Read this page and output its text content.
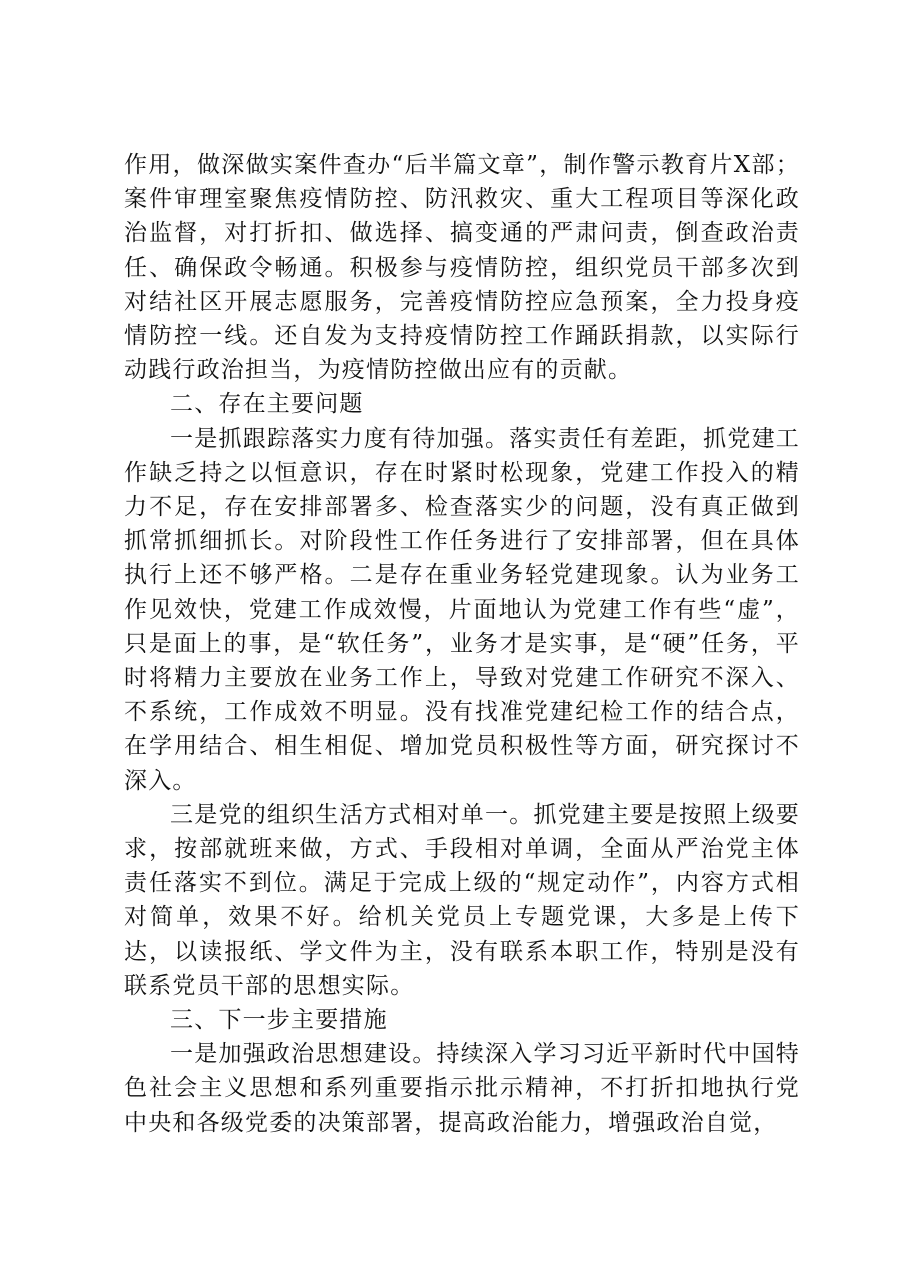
作用，做深做实案件查办“后半篇文章”，制作警示教育片X部；案件审理室聚焦疫情防控、防汛救灾、重大工程项目等深化政治监督，对打折扣、做选择、搞变通的严肃问责，倒查政治责任、确保政令畅通。积极参与疫情防控，组织党员干部多次到对结社区开展志愿服务，完善疫情防控应急预案，全力投身疫情防控一线。还自发为支持疫情防控工作踊跃捐款，以实际行动践行政治担当，为疫情防控做出应有的贡献。

二、存在主要问题

一是抓跟踪落实力度有待加强。落实责任有差距，抓党建工作缺乏持之以恒意识，存在时紧时松现象，党建工作投入的精力不足，存在安排部署多、检查落实少的问题，没有真正做到抓常抓细抓长。对阶段性工作任务进行了安排部署，但在具体执行上还不够严格。二是存在重业务轻党建现象。认为业务工作见效快，党建工作成效慢，片面地认为党建工作有些“虚”，只是面上的事，是“软任务”，业务才是实事，是“硬”任务，平时将精力主要放在业务工作上，导致对党建工作研究不深入、不系统，工作成效不明显。没有找准党建纪检工作的结合点，在学用结合、相生相促、增加党员积极性等方面，研究探讨不深入。

三是党的组织生活方式相对单一。抓党建主要是按照上级要求，按部就班来做，方式、手段相对单调，全面从严治党主体责任落实不到位。满足于完成上级的“规定动作”，内容方式相对简单，效果不好。给机关党员上专题党课，大多是上传下达，以读报纸、学文件为主，没有联系本职工作，特别是没有联系党员干部的思想实际。

三、下一步主要措施

一是加强政治思想建设。持续深入学习习近平新时代中国特色社会主义思想和系列重要指示批示精神，不打折扣地执行党中央和各级党委的决策部署，提高政治能力，增强政治自觉，
